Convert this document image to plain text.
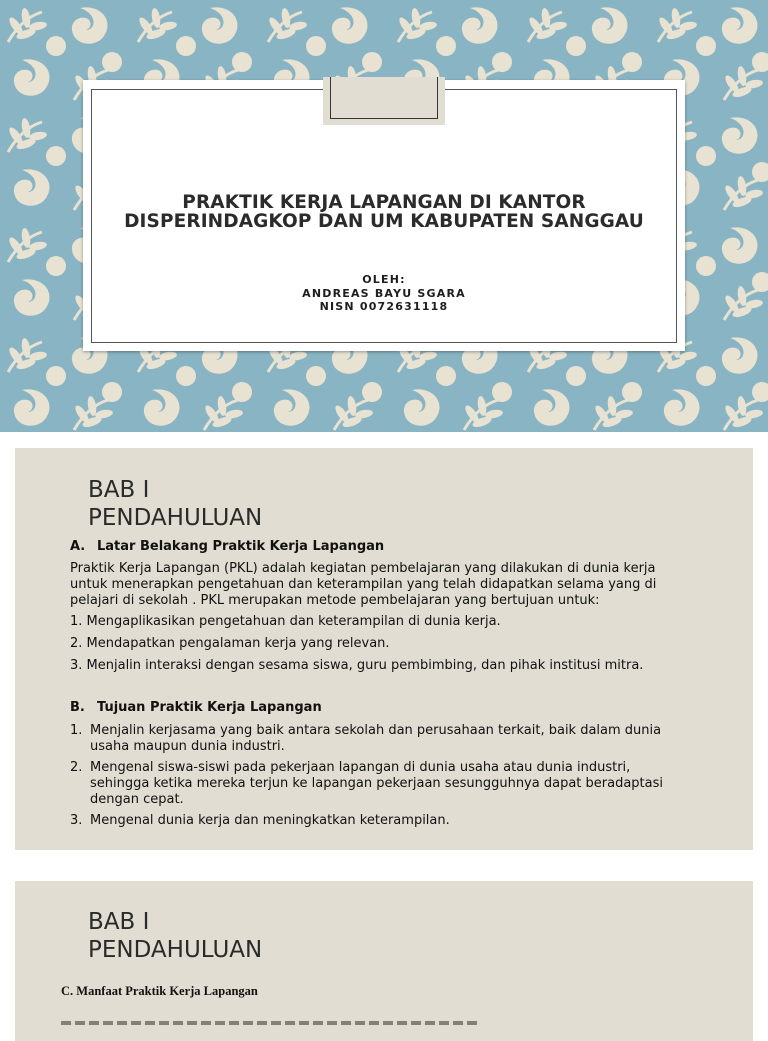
PRAKTIK KERJA LAPANGAN DI KANTOR
DISPERINDAGKOP DAN UM KABUPATEN SANGGAU
OLEH:
ANDREAS BAYU SGARA
NISN 0072631118
BAB I
PENDAHULUAN
A. Latar Belakang Praktik Kerja Lapangan
Praktik Kerja Lapangan (PKL) adalah kegiatan pembelajaran yang dilakukan di dunia kerja untuk menerapkan pengetahuan dan keterampilan yang telah didapatkan selama yang di pelajari di sekolah . PKL merupakan metode pembelajaran yang bertujuan untuk:
1. Mengaplikasikan pengetahuan dan keterampilan di dunia kerja.
2. Mendapatkan pengalaman kerja yang relevan.
3. Menjalin interaksi dengan sesama siswa, guru pembimbing, dan pihak institusi mitra.
B. Tujuan Praktik Kerja Lapangan
1. Menjalin kerjasama yang baik antara sekolah dan perusahaan terkait, baik dalam dunia usaha maupun dunia industri.
2. Mengenal siswa-siswi pada pekerjaan lapangan di dunia usaha atau dunia industri, sehingga ketika mereka terjun ke lapangan pekerjaan sesungguhnya dapat beradaptasi dengan cepat.
3. Mengenal dunia kerja dan meningkatkan keterampilan.
BAB I
PENDAHULUAN
C. Manfaat Praktik Kerja Lapangan
